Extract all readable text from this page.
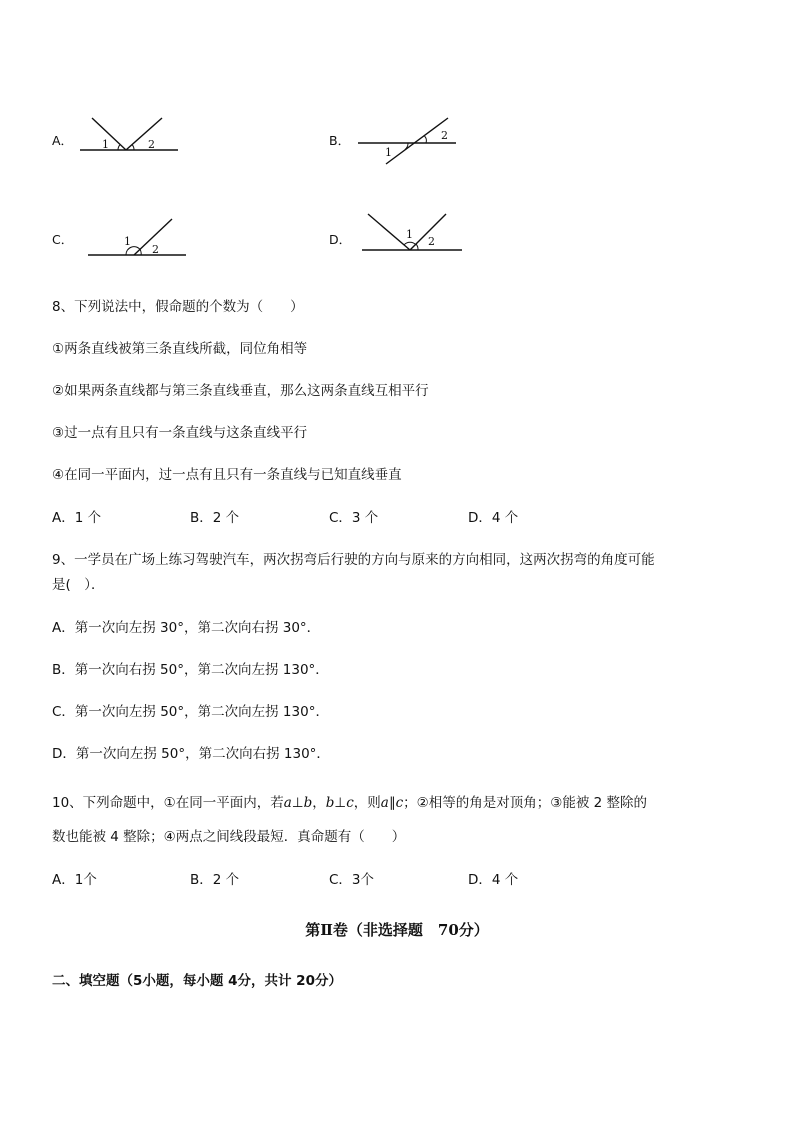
A．	1	2	B．	2
1
C．	1
2
D．	1
2
8、下列说法中，假命题的个数为（　　）
①两条直线被第三条直线所截，同位角相等
②如果两条直线都与第三条直线垂直，那么这两条直线互相平行
③过一点有且只有一条直线与这条直线平行
④在同一平面内，过一点有且只有一条直线与已知直线垂直
A．1 个	B．2 个	C．3 个	D．4 个
9、一学员在广场上练习驾驶汽车，两次拐弯后行驶的方向与原来的方向相同，这两次拐弯的角度可能
是(　）．
A．第一次向左拐 30°，第二次向右拐 30°．
B．第一次向右拐 50°，第二次向左拐 130°．
C．第一次向左拐 50°，第二次向左拐 130°．
D．第一次向左拐 50°，第二次向右拐 130°．
10、下列命题中，①在同一平面内，若a⊥b，b⊥c，则a∥c；②相等的角是对顶角；③能被 2 整除的
数也能被 4 整除；④两点之间线段最短．真命题有（　　）
A．1个	B．2 个	C．3个	D．4 个
第Ⅱ卷（非选择题　70分）
二、填空题（5小题，每小题 4分，共计 20分）
